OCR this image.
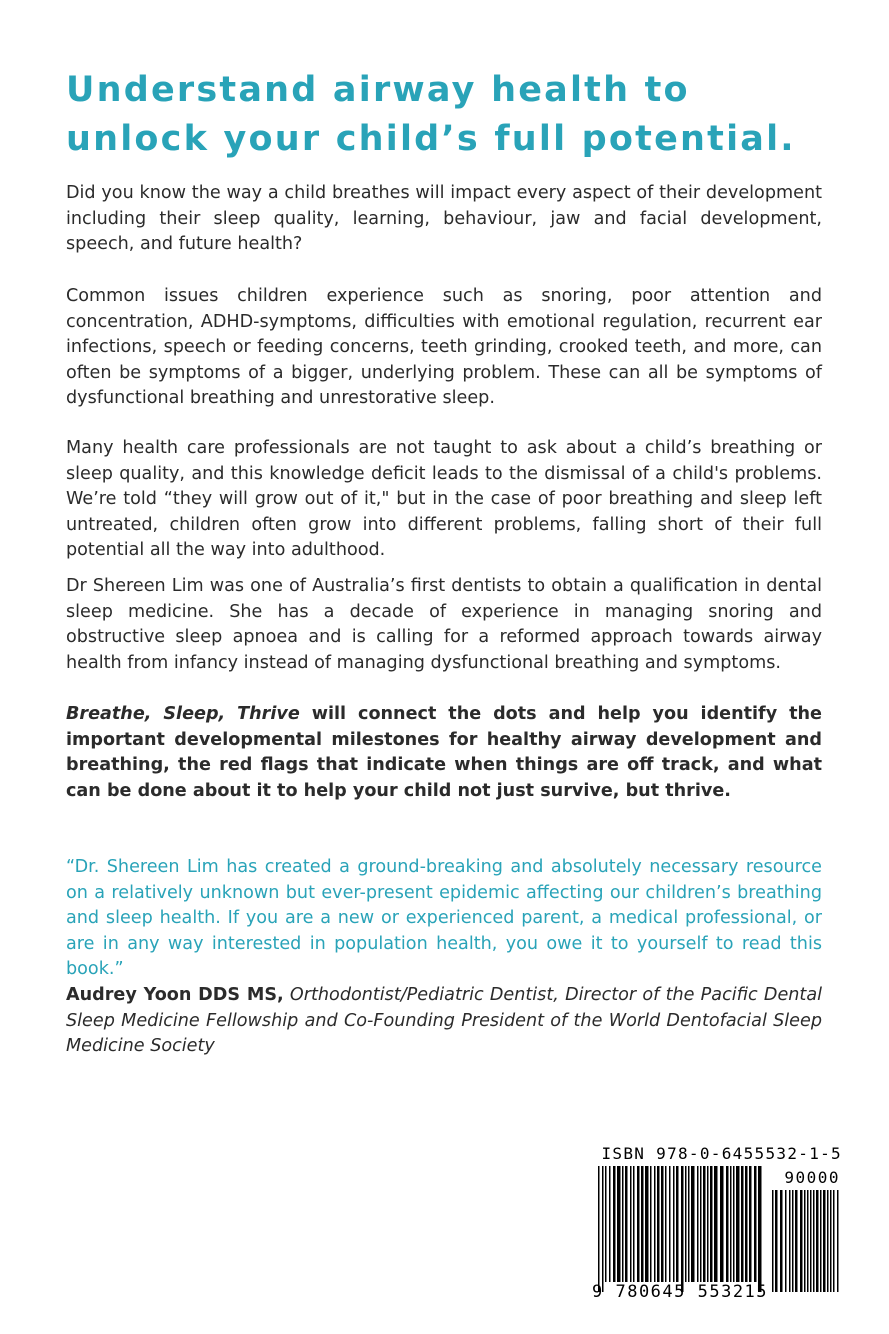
Understand airway health to unlock your child’s full potential.

Did you know the way a child breathes will impact every aspect of their development including their sleep quality, learning, behaviour, jaw and facial development, speech, and future health?

Common issues children experience such as snoring, poor attention and concentration, ADHD-symptoms, difficulties with emotional regulation, recurrent ear infections, speech or feeding concerns, teeth grinding, crooked teeth, and more, can often be symptoms of a bigger, underlying problem. These can all be symptoms of dysfunctional breathing and unrestorative sleep.

Many health care professionals are not taught to ask about a child’s breathing or sleep quality, and this knowledge deficit leads to the dismissal of a child's problems. We’re told “they will grow out of it," but in the case of poor breathing and sleep left untreated, children often grow into different problems, falling short of their full potential all the way into adulthood.

Dr Shereen Lim was one of Australia’s first dentists to obtain a qualification in dental sleep medicine. She has a decade of experience in managing snoring and obstructive sleep apnoea and is calling for a reformed approach towards airway health from infancy instead of managing dysfunctional breathing and symptoms.

Breathe, Sleep, Thrive will connect the dots and help you identify the important developmental milestones for healthy airway development and breathing, the red flags that indicate when things are off track, and what can be done about it to help your child not just survive, but thrive.

“Dr. Shereen Lim has created a ground-breaking and absolutely necessary resource on a relatively unknown but ever-present epidemic affecting our children’s breathing and sleep health. If you are a new or experienced parent, a medical professional, or are in any way interested in population health, you owe it to yourself to read this book.”

Audrey Yoon DDS MS, Orthodontist/Pediatric Dentist, Director of the Pacific Dental Sleep Medicine Fellowship and Co-Founding President of the World Dentofacial Sleep Medicine Society

ISBN 978-0-6455532-1-5
90000
9 780645 553215
